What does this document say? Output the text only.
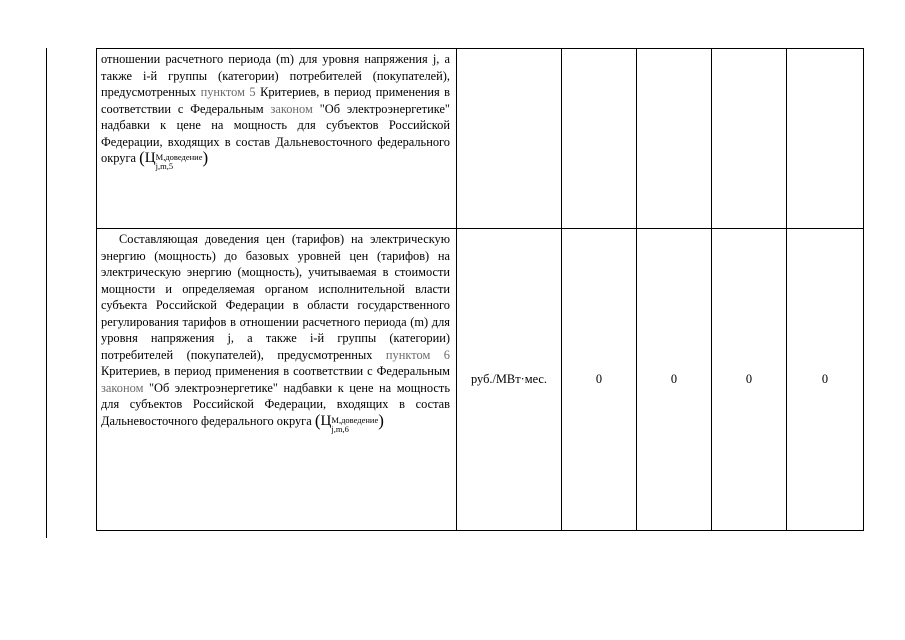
отношении расчетного периода (m) для уровня напряжения j, а также i-й группы (категории) потребителей (покупателей), предусмотренных пунктом 5 Критериев, в период применения в соответствии с Федеральным законом "Об электроэнергетике" надбавки к цене на мощность для субъектов Российской Федерации, входящих в состав Дальневосточного федерального округа (Ц М,доведение
j,m,5 )					
Составляющая доведения цен (тарифов) на электрическую энергию (мощность) до базовых уровней цен (тарифов) на электрическую энергию (мощность), учитываемая в стоимости мощности и определяемая органом исполнительной власти субъекта Российской Федерации в области государственного регулирования тарифов в отношении расчетного периода (m) для уровня напряжения j, а также i-й группы (категории) потребителей (покупателей), предусмотренных пунктом 6 Критериев, в период применения в соответствии с Федеральным законом "Об электроэнергетике" надбавки к цене на мощность для субъектов Российской Федерации, входящих в состав Дальневосточного федерального округа (Ц М,доведение
j,m,6 )	руб./МВт·мес.	0	0	0	0
